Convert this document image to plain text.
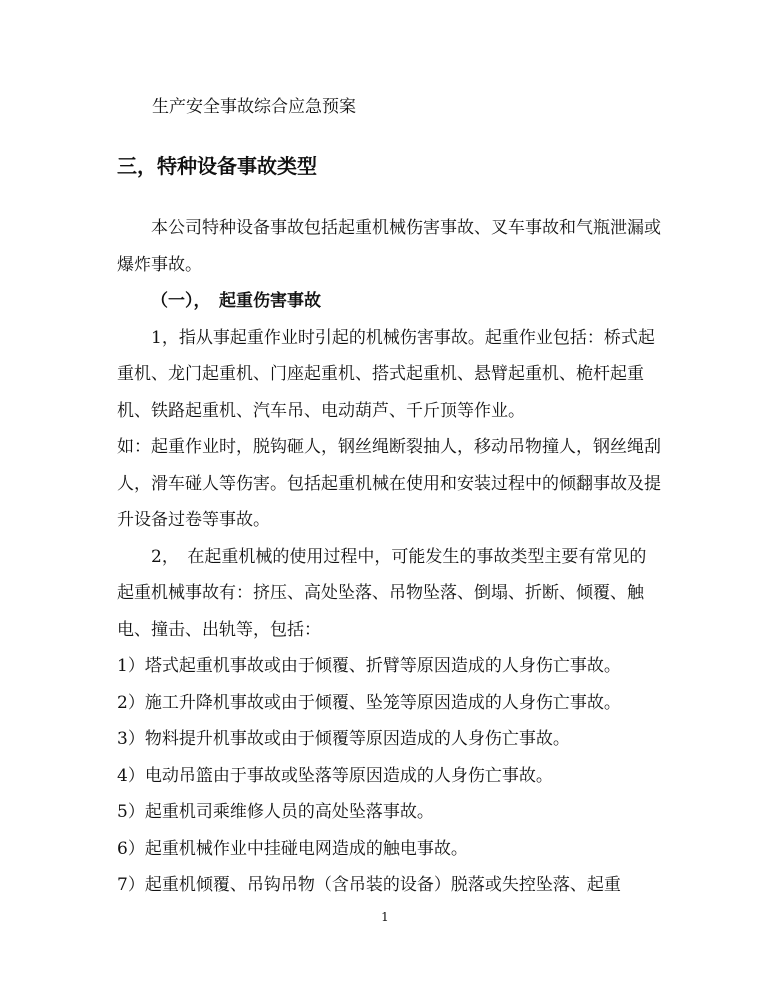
生产安全事故综合应急预案
三，特种设备事故类型

本公司特种设备事故包括起重机械伤害事故、叉车事故和气瓶泄漏或爆炸事故。

（一），　起重伤害事故

1，指从事起重作业时引起的机械伤害事故。起重作业包括：桥式起重机、龙门起重机、门座起重机、搭式起重机、悬臂起重机、桅杆起重机、铁路起重机、汽车吊、电动葫芦、千斤顶等作业。

如：起重作业时，脱钩砸人，钢丝绳断裂抽人，移动吊物撞人，钢丝绳刮人，滑车碰人等伤害。包括起重机械在使用和安装过程中的倾翻事故及提升设备过卷等事故。

2，　在起重机械的使用过程中，可能发生的事故类型主要有常见的起重机械事故有：挤压、高处坠落、吊物坠落、倒塌、折断、倾覆、触电、撞击、出轨等，包括：

1）塔式起重机事故或由于倾覆、折臂等原因造成的人身伤亡事故。

2）施工升降机事故或由于倾覆、坠笼等原因造成的人身伤亡事故。

3）物料提升机事故或由于倾覆等原因造成的人身伤亡事故。

4）电动吊篮由于事故或坠落等原因造成的人身伤亡事故。

5）起重机司乘维修人员的高处坠落事故。

6）起重机械作业中挂碰电网造成的触电事故。

7）起重机倾覆、吊钩吊物（含吊装的设备）脱落或失控坠落、起重

1
